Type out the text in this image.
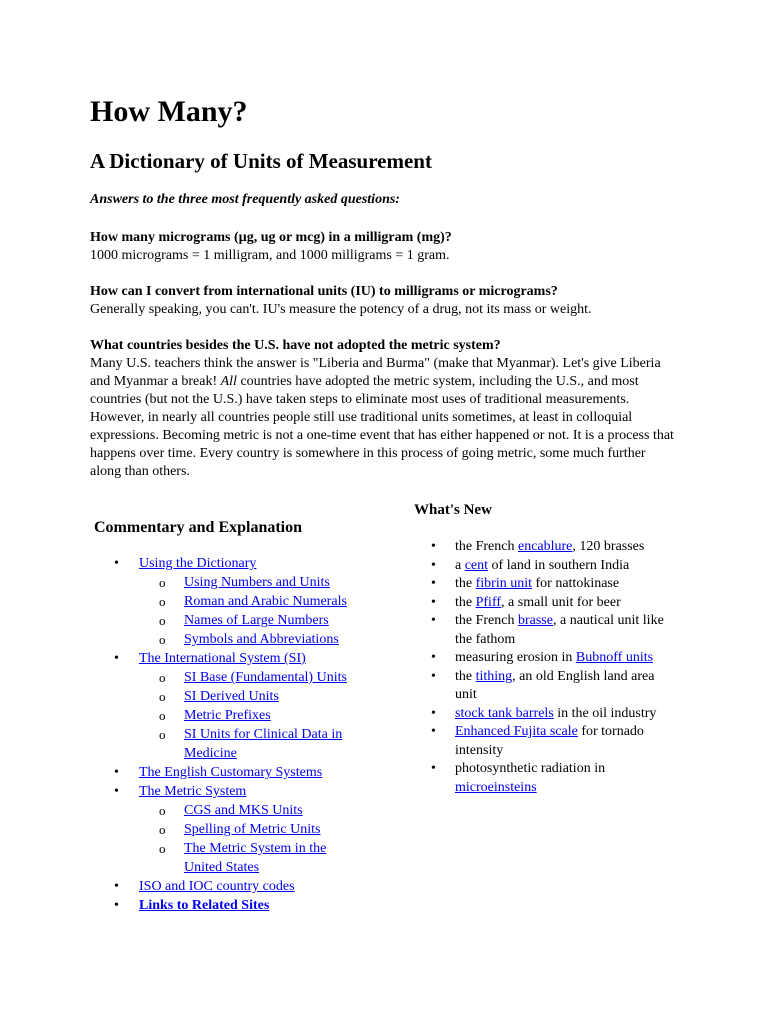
How Many?
A Dictionary of Units of Measurement

Answers to the three most frequently asked questions:

How many micrograms (µg, ug or mcg) in a milligram (mg)?

1000 micrograms = 1 milligram, and 1000 milligrams = 1 gram.

How can I convert from international units (IU) to milligrams or micrograms?

Generally speaking, you can't. IU's measure the potency of a drug, not its mass or weight.

What countries besides the U.S. have not adopted the metric system?

Many U.S. teachers think the answer is "Liberia and Burma" (make that Myanmar). Let's give Liberia and Myanmar a break! All countries have adopted the metric system, including the U.S., and most countries (but not the U.S.) have taken steps to eliminate most uses of traditional measurements. However, in nearly all countries people still use traditional units sometimes, at least in colloquial expressions. Becoming metric is not a one-time event that has either happened or not. It is a process that happens over time. Every country is somewhere in this process of going metric, some much further along than others.

Commentary and Explanation
• Using the Dictionary
o Using Numbers and Units
o Roman and Arabic Numerals
o Names of Large Numbers
o Symbols and Abbreviations
• The International System (SI)
o SI Base (Fundamental) Units
o SI Derived Units
o Metric Prefixes
o SI Units for Clinical Data in Medicine
• The English Customary Systems
• The Metric System
o CGS and MKS Units
o Spelling of Metric Units
o The Metric System in the United States
• ISO and IOC country codes
• Links to Related Sites
What's New
• the French encablure, 120 brasses
• a cent of land in southern India
• the fibrin unit for nattokinase
• the Pfiff, a small unit for beer
• the French brasse, a nautical unit like the fathom
• measuring erosion in Bubnoff units
• the tithing, an old English land area unit
• stock tank barrels in the oil industry
• Enhanced Fujita scale for tornado intensity
• photosynthetic radiation in microeinsteins
